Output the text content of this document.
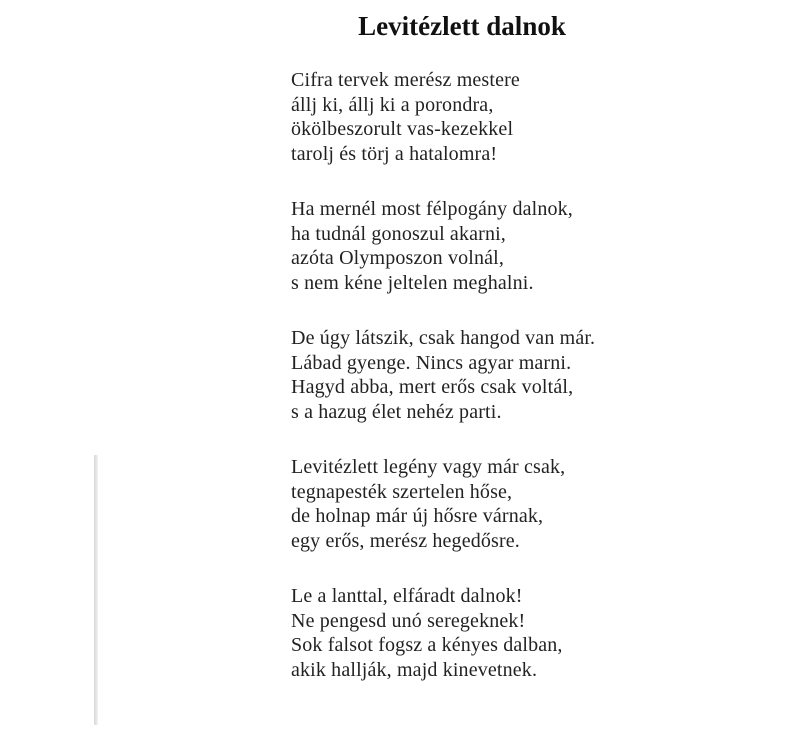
Levitézlett dalnok
Cifra tervek merész mestere
állj ki, állj ki a porondra,
ökölbeszorult vas-kezekkel
tarolj és törj a hatalomra!
Ha mernél most félpogány dalnok,
ha tudnál gonoszul akarni,
azóta Olymposzon volnál,
s nem kéne jeltelen meghalni.
De úgy látszik, csak hangod van már.
Lábad gyenge. Nincs agyar marni.
Hagyd abba, mert erős csak voltál,
s a hazug élet nehéz parti.
Levitézlett legény vagy már csak,
tegnapesték szertelen hőse,
de holnap már új hősre várnak,
egy erős, merész hegedősre.
Le a lanttal, elfáradt dalnok!
Ne pengesd unó seregeknek!
Sok falsot fogsz a kényes dalban,
akik hallják, majd kinevetnek.
